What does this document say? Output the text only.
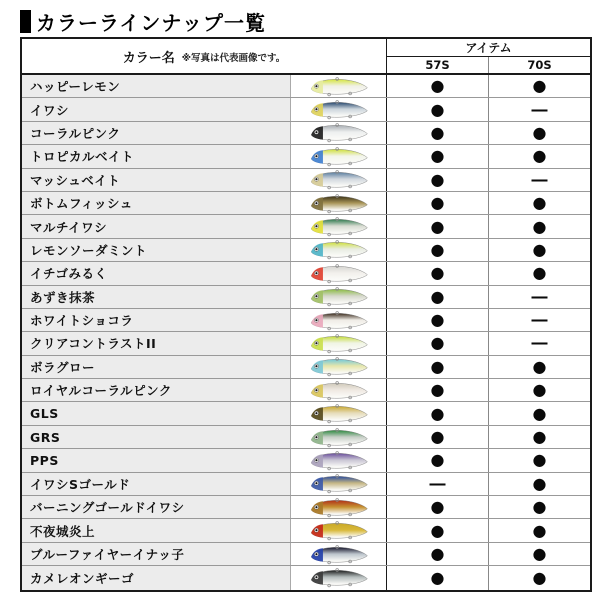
カラーラインナップ一覧
カラー名 ※写真は代表画像です。
アイテム
57S	70S
ハッピーレモン	●	●
イワシ	●	―
コーラルピンク	●	●
トロピカルベイト	●	●
マッシュベイト	●	―
ボトムフィッシュ	●	●
マルチイワシ	●	●
レモンソーダミント	●	●
イチゴみるく	●	●
あずき抹茶	●	―
ホワイトショコラ	●	―
クリアコントラストII	●	―
ボラグロー	●	●
ロイヤルコーラルピンク	●	●
GLS	●	●
GRS	●	●
PPS	●	●
イワシSゴールド	―	●
バーニングゴールドイワシ	●	●
不夜城炎上	●	●
ブルーファイヤーイナッ子	●	●
カメレオンギーゴ	●	●
